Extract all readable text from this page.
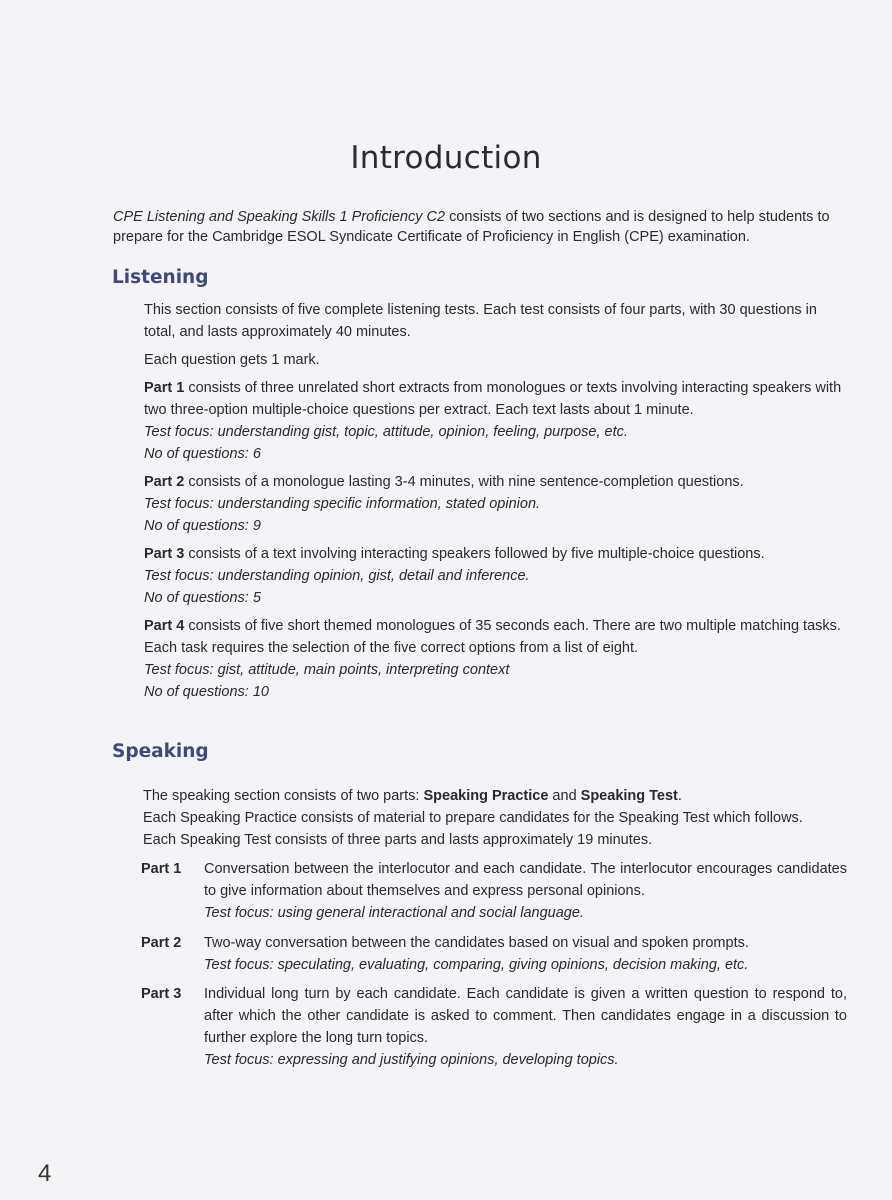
Introduction
CPE Listening and Speaking Skills 1 Proficiency C2 consists of two sections and is designed to help students to prepare for the Cambridge ESOL Syndicate Certificate of Proficiency in English (CPE) examination.
Listening

This section consists of five complete listening tests. Each test consists of four parts, with 30 questions in total, and lasts approximately 40 minutes.

Each question gets 1 mark.

Part 1 consists of three unrelated short extracts from monologues or texts involving interacting speakers with two three-option multiple-choice questions per extract. Each text lasts about 1 minute.

Test focus: understanding gist, topic, attitude, opinion, feeling, purpose, etc.

No of questions: 6

Part 2 consists of a monologue lasting 3-4 minutes, with nine sentence-completion questions.

Test focus: understanding specific information, stated opinion.

No of questions: 9

Part 3 consists of a text involving interacting speakers followed by five multiple-choice questions.

Test focus: understanding opinion, gist, detail and inference.

No of questions: 5

Part 4 consists of five short themed monologues of 35 seconds each. There are two multiple matching tasks. Each task requires the selection of the five correct options from a list of eight.

Test focus: gist, attitude, main points, interpreting context

No of questions: 10

Speaking

The speaking section consists of two parts: Speaking Practice and Speaking Test.

Each Speaking Practice consists of material to prepare candidates for the Speaking Test which follows.

Each Speaking Test consists of three parts and lasts approximately 19 minutes.

Part 1 Conversation between the interlocutor and each candidate. The interlocutor encourages candidates to give information about themselves and express personal opinions.

Test focus: using general interactional and social language.

Part 2 Two-way conversation between the candidates based on visual and spoken prompts.

Test focus: speculating, evaluating, comparing, giving opinions, decision making, etc.

Part 3 Individual long turn by each candidate. Each candidate is given a written question to respond to, after which the other candidate is asked to comment. Then candidates engage in a discussion to further explore the long turn topics.

Test focus: expressing and justifying opinions, developing topics.

4
